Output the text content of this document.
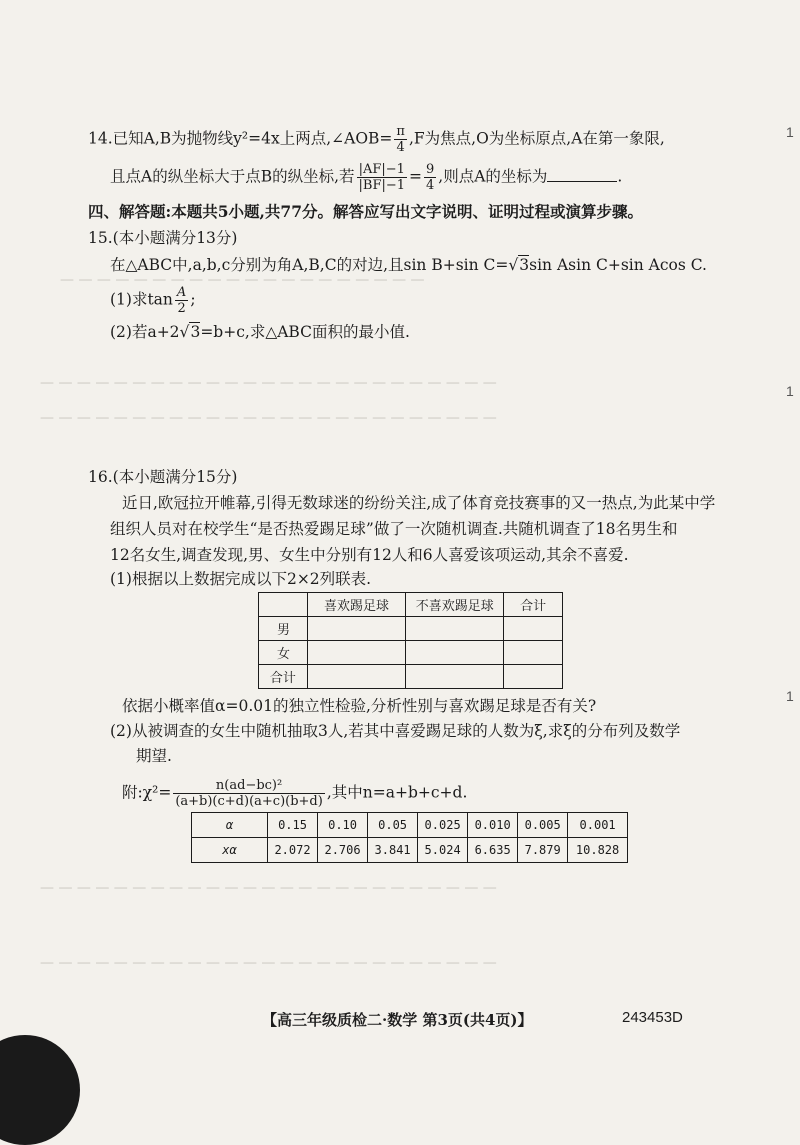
— — — — — — — — — — — — — — — — — — — —
— — — — — — — — — — — — — — — — — — — — — — — — —
— — — — — — — — — — — — — — — — — — — — — — — — —
— — — — — — — — — — — — — — — — — — — — — — — — —
— — — — — — — — — — — — — — — — — — — — — — — — —
14.已知A,B为抛物线y²=4x上两点,∠AOB= $\frac{\pi}{4} ,F$为焦点,O为坐标原点,A在第一象限,
且点A的纵坐标大于点B的纵坐标,若 $\frac{|AF|-1}{|BF|-1} = \frac{9}{4}$ ,则点A的坐标为	.
四、解答题:本题共5小题,共77分。解答应写出文字说明、证明过程或演算步骤。
15.(本小题满分13分)
在△ABC中,a,b,c分别为角A,B,C的对边,且sin B+sin C=√3sin Asin C+sin Acos C.
(1)求$\tan \frac{A}{2}$ ;
(2)若a+2√3=b+c,求△ABC面积的最小值.
16.(本小题满分15分)
近日,欧冠拉开帷幕,引得无数球迷的纷纷关注,成了体育竞技赛事的又一热点,为此某中学
组织人员对在校学生“是否热爱踢足球”做了一次随机调查.共随机调查了18名男生和
12名女生,调查发现,男、女生中分别有12人和6人喜爱该项运动,其余不喜爱.
(1)根据以上数据完成以下2×2列联表.
	喜欢踢足球	不喜欢踢足球	合计
男			
女			
合计			
依据小概率值α=0.01的独立性检验,分析性别与喜欢踢足球是否有关?
(2)从被调查的女生中随机抽取3人,若其中喜爱踢足球的人数为ξ,求ξ的分布列及数学
期望.
附:χ²= $\frac{\text{n(ad−bc)²}}{(a+b)(c+d)(a+c)(b+d)}$ ,其中n=a+b+c+d.
α	0.15	0.10	0.05	0.025	0.010	0.005	0.001
xα	2.072	2.706	3.841	5.024	6.635	7.879	10.828
【高三年级质检二·数学 第3页(共4页)】	243453D
1
1
1
